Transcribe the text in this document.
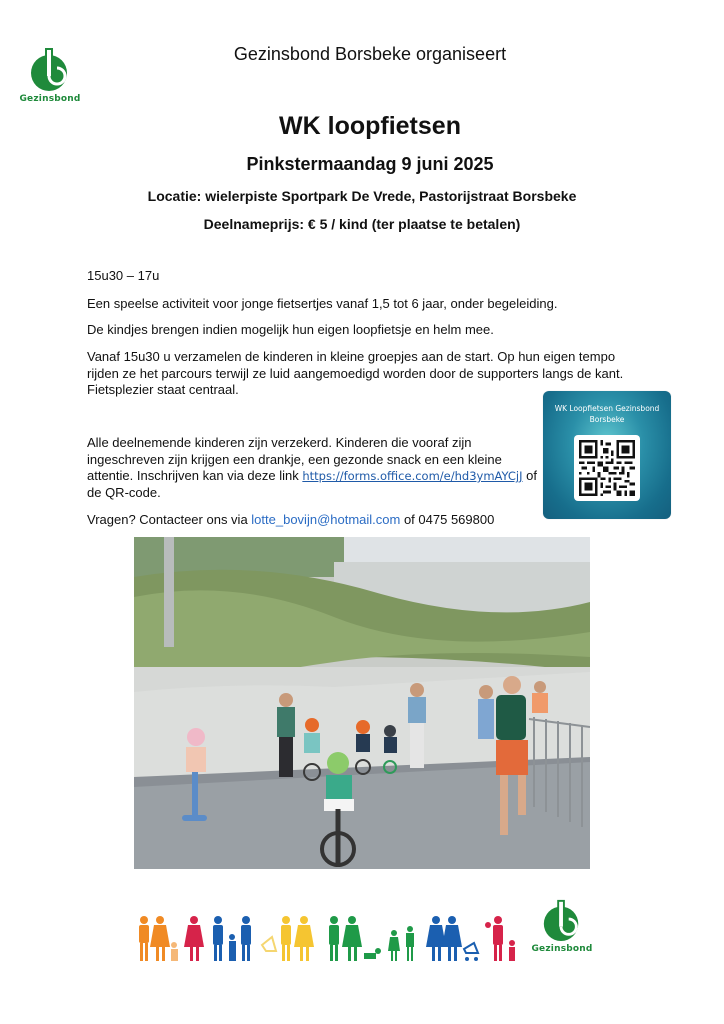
Gezinsbond
Gezinsbond Borsbeke organiseert
WK loopfietsen
Pinkstermaandag 9 juni 2025
Locatie: wielerpiste Sportpark De Vrede, Pastorijstraat Borsbeke
Deelnameprijs: € 5 / kind (ter plaatse te betalen)
15u30 – 17u
Een speelse activiteit voor jonge fietsertjes vanaf 1,5 tot 6 jaar, onder begeleiding.
De kindjes brengen indien mogelijk hun eigen loopfietsje en helm mee.
Vanaf 15u30 u verzamelen de kinderen in kleine groepjes aan de start. Op hun eigen tempo rijden ze het parcours terwijl ze luid aangemoedigd worden door de supporters langs de kant. Fietsplezier staat centraal.
Alle deelnemende kinderen zijn verzekerd. Kinderen die vooraf zijn ingeschreven zijn krijgen een drankje, een gezonde snack en een kleine attentie. Inschrijven kan via deze link https://forms.office.com/e/hd3ymAYCjJ of de QR-code.
Vragen? Contacteer ons via lotte_bovijn@hotmail.com of 0475 569800
WK Loopfietsen Gezinsbond Borsbeke
Gezinsbond
